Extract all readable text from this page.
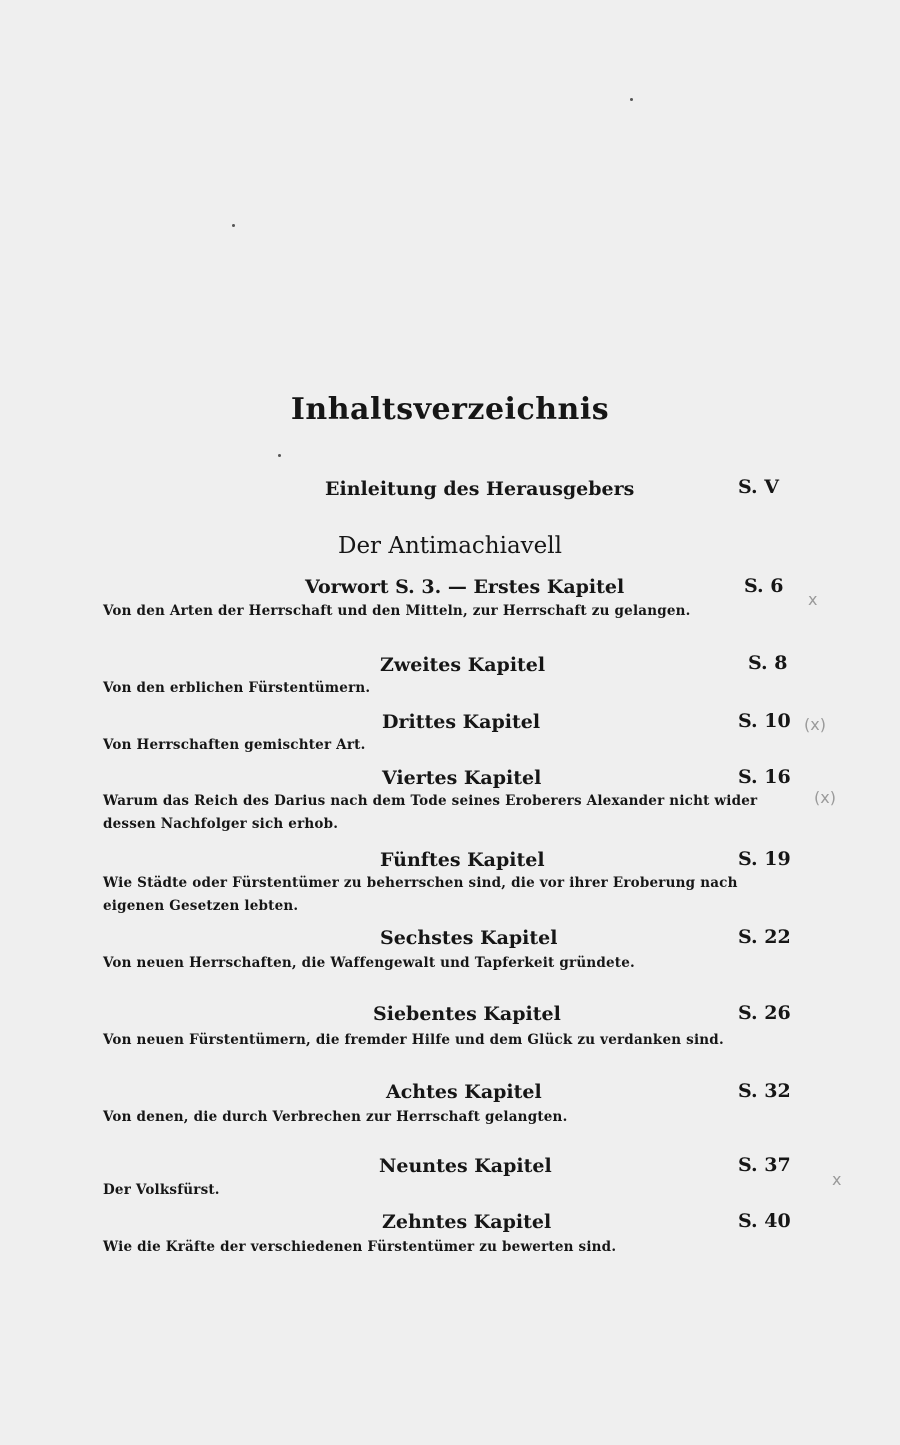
Inhaltsverzeichnis
Einleitung des Herausgebers	S. V
Der Antimachiavell
Vorwort S. 3. — Erstes Kapitel	S. 6
Von den Arten der Herrschaft und den Mitteln, zur Herrschaft zu gelangen.
Zweites Kapitel	S. 8
Von den erblichen Fürstentümern.
Drittes Kapitel	S. 10
Von Herrschaften gemischter Art.
Viertes Kapitel	S. 16
Warum das Reich des Darius nach dem Tode seines Eroberers Alexander nicht wider dessen Nachfolger sich erhob.
Fünftes Kapitel	S. 19
Wie Städte oder Fürstentümer zu beherrschen sind, die vor ihrer Eroberung nach eigenen Gesetzen lebten.
Sechstes Kapitel	S. 22
Von neuen Herrschaften, die Waffengewalt und Tapferkeit gründete.
Siebentes Kapitel	S. 26
Von neuen Fürstentümern, die fremder Hilfe und dem Glück zu verdanken sind.
Achtes Kapitel	S. 32
Von denen, die durch Verbrechen zur Herrschaft gelangten.
Neuntes Kapitel	S. 37
Der Volksfürst.
Zehntes Kapitel	S. 40
Wie die Kräfte der verschiedenen Fürstentümer zu bewerten sind.
x
(x)
(x)
x
